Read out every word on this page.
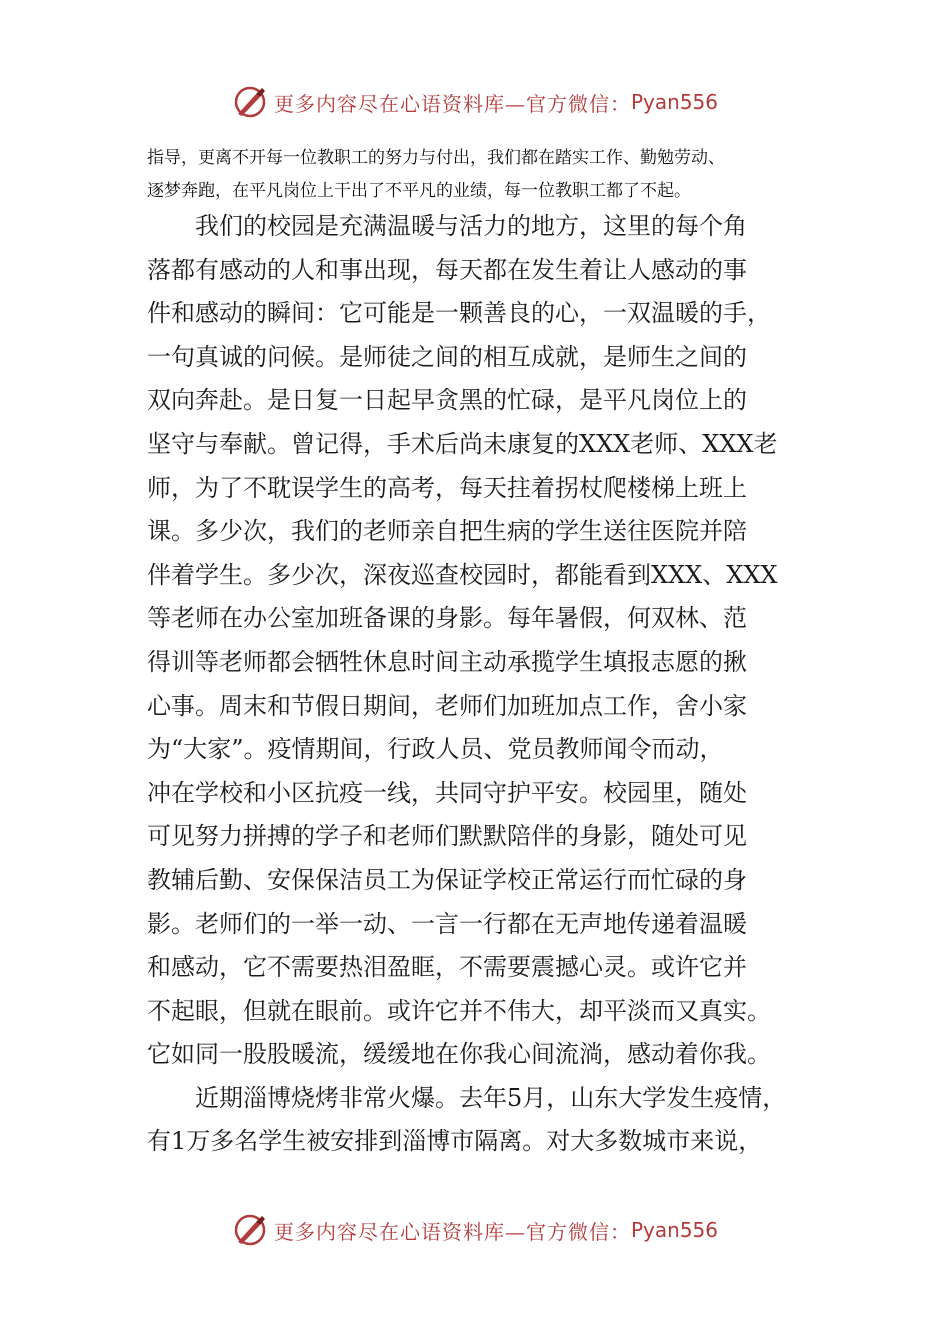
更多内容尽在心语资料库—官方微信： Pyan556
指导，更离不开每一位教职工的努力与付出，我们都在踏实工作、勤勉劳动、
逐梦奔跑，在平凡岗位上干出了不平凡的业绩，每一位教职工都了不起。

我们的校园是充满温暖与活力的地方，这里的每个角
落都有感动的人和事出现，每天都在发生着让人感动的事
件和感动的瞬间：它可能是一颗善良的心，一双温暖的手，
一句真诚的问候。是师徒之间的相互成就，是师生之间的
双向奔赴。是日复一日起早贪黑的忙碌，是平凡岗位上的
坚守与奉献。曾记得，手术后尚未康复的XXX老师、XXX老
师，为了不耽误学生的高考，每天拄着拐杖爬楼梯上班上
课。多少次，我们的老师亲自把生病的学生送往医院并陪
伴着学生。多少次，深夜巡查校园时，都能看到XXX、XXX
等老师在办公室加班备课的身影。每年暑假，何双林、范
得训等老师都会牺牲休息时间主动承揽学生填报志愿的揪
心事。周末和节假日期间，老师们加班加点工作，舍小家
为“大家”。疫情期间，行政人员、党员教师闻令而动，
冲在学校和小区抗疫一线，共同守护平安。校园里，随处
可见努力拼搏的学子和老师们默默陪伴的身影，随处可见
教辅后勤、安保保洁员工为保证学校正常运行而忙碌的身
影。老师们的一举一动、一言一行都在无声地传递着温暖
和感动，它不需要热泪盈眶，不需要震撼心灵。或许它并
不起眼，但就在眼前。或许它并不伟大，却平淡而又真实。
它如同一股股暖流，缓缓地在你我心间流淌，感动着你我。

近期淄博烧烤非常火爆。去年5月，山东大学发生疫情，
有1万多名学生被安排到淄博市隔离。对大多数城市来说，

更多内容尽在心语资料库—官方微信： Pyan556
